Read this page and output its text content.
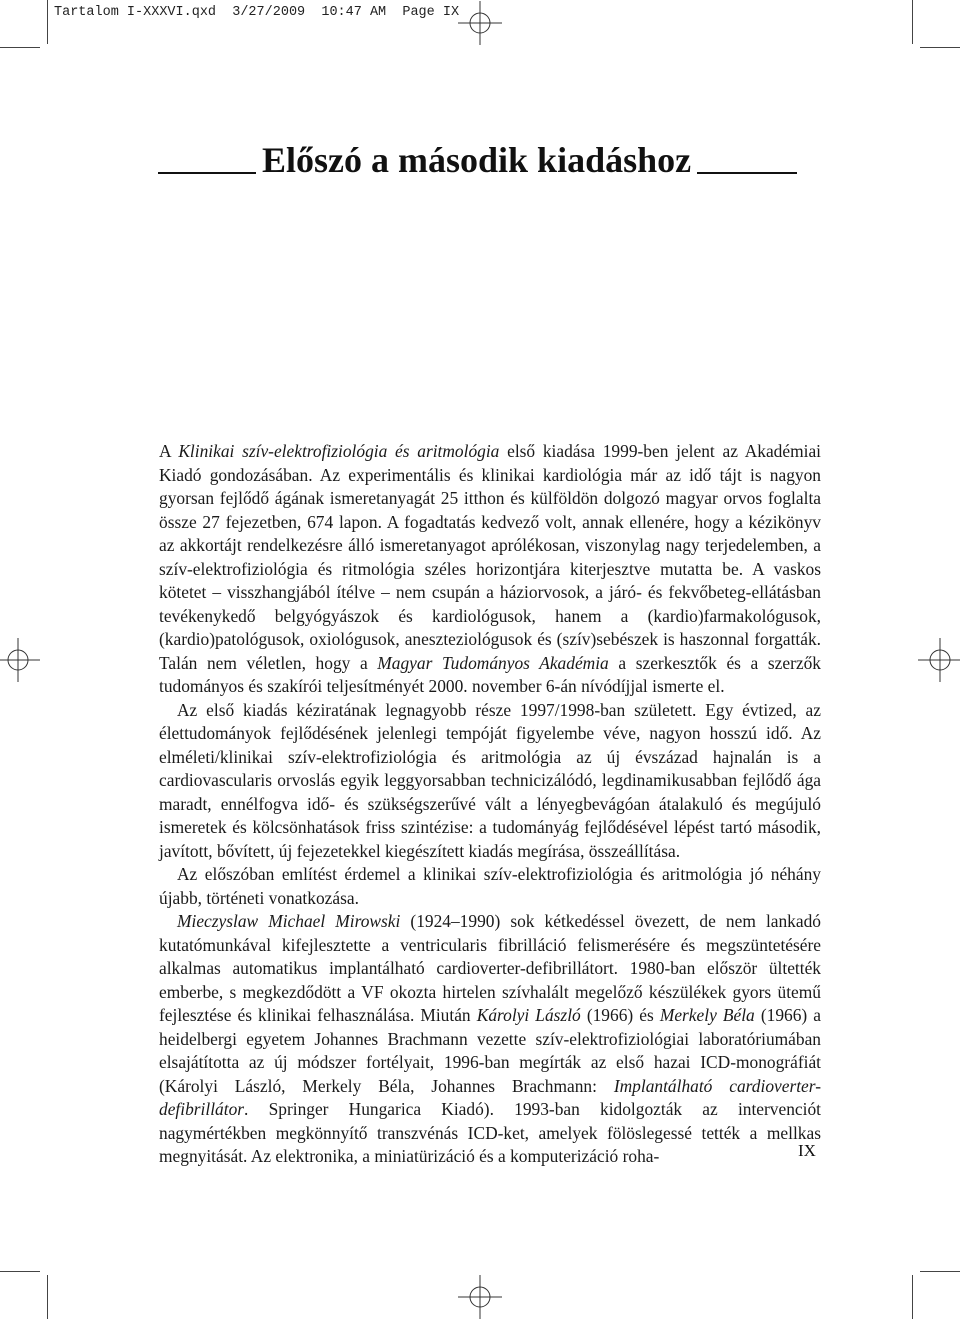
Tartalom I-XXXVI.qxd  3/27/2009  10:47 AM  Page IX
Előszó a második kiadáshoz

A Klinikai szív-elektrofiziológia és aritmológia első kiadása 1999-ben jelent az Akadémiai Kiadó gondozásában. Az experimentális és klinikai kardiológia már az idő tájt is nagyon gyorsan fejlődő ágának ismeretanyagát 25 itthon és külföldön dolgozó magyar orvos foglalta össze 27 fejezetben, 674 lapon. A fogadtatás kedvező volt, annak ellenére, hogy a kézikönyv az akkortájt rendelkezésre álló ismeretanyagot aprólékosan, viszonylag nagy terjedelemben, a szív-elektrofiziológia és ritmológia széles horizontjára kiterjesztve mutatta be. A vaskos kötetet – visszhangjából ítélve – nem csupán a háziorvosok, a járó- és fekvőbeteg-ellátásban tevékenykedő belgyógyászok és kardiológusok, hanem a (kardio)farmakológusok, (kardio)patológusok, oxiológusok, aneszteziológusok és (szív)sebészek is haszonnal forgatták. Talán nem véletlen, hogy a Magyar Tudományos Akadémia a szerkesztők és a szerzők tudományos és szakírói teljesítményét 2000. november 6-án nívódíjjal ismerte el.

Az első kiadás kéziratának legnagyobb része 1997/1998-ban született. Egy évtized, az élettudományok fejlődésének jelenlegi tempóját figyelembe véve, nagyon hosszú idő. Az elméleti/klinikai szív-elektrofiziológia és aritmológia az új évszázad hajnalán is a cardiovascularis orvoslás egyik leggyorsabban technicizálódó, legdinamikusabban fejlődő ága maradt, ennélfogva idő- és szükségszerűvé vált a lényegbevágóan átalakuló és megújuló ismeretek és kölcsönhatások friss szintézise: a tudományág fejlődésével lépést tartó második, javított, bővített, új fejezetekkel kiegészített kiadás megírása, összeállítása.

Az előszóban említést érdemel a klinikai szív-elektrofiziológia és aritmológia jó néhány újabb, történeti vonatkozása.

Mieczyslaw Michael Mirowski (1924–1990) sok kétkedéssel övezett, de nem lankadó kutatómunkával kifejlesztette a ventricularis fibrilláció felismerésére és megszüntetésére alkalmas automatikus implantálható cardioverter-defibrillátort. 1980-ban először ültették emberbe, s megkezdődött a VF okozta hirtelen szívhalált megelőző készülékek gyors ütemű fejlesztése és klinikai felhasználása. Miután Károlyi László (1966) és Merkely Béla (1966) a heidelbergi egyetem Johannes Brachmann vezette szív-elektrofiziológiai laboratóriumában elsajátította az új módszer fortélyait, 1996-ban megírták az első hazai ICD-monográfiát (Károlyi László, Merkely Béla, Johannes Brachmann: Implantálható cardioverter-defibrillátor. Springer Hungarica Kiadó). 1993-ban kidolgozták az intervenciót nagymértékben megkönnyítő transzvénás ICD-ket, amelyek fölöslegessé tették a mellkas megnyitását. Az elektronika, a miniatürizáció és a komputerizáció roha-	IX
